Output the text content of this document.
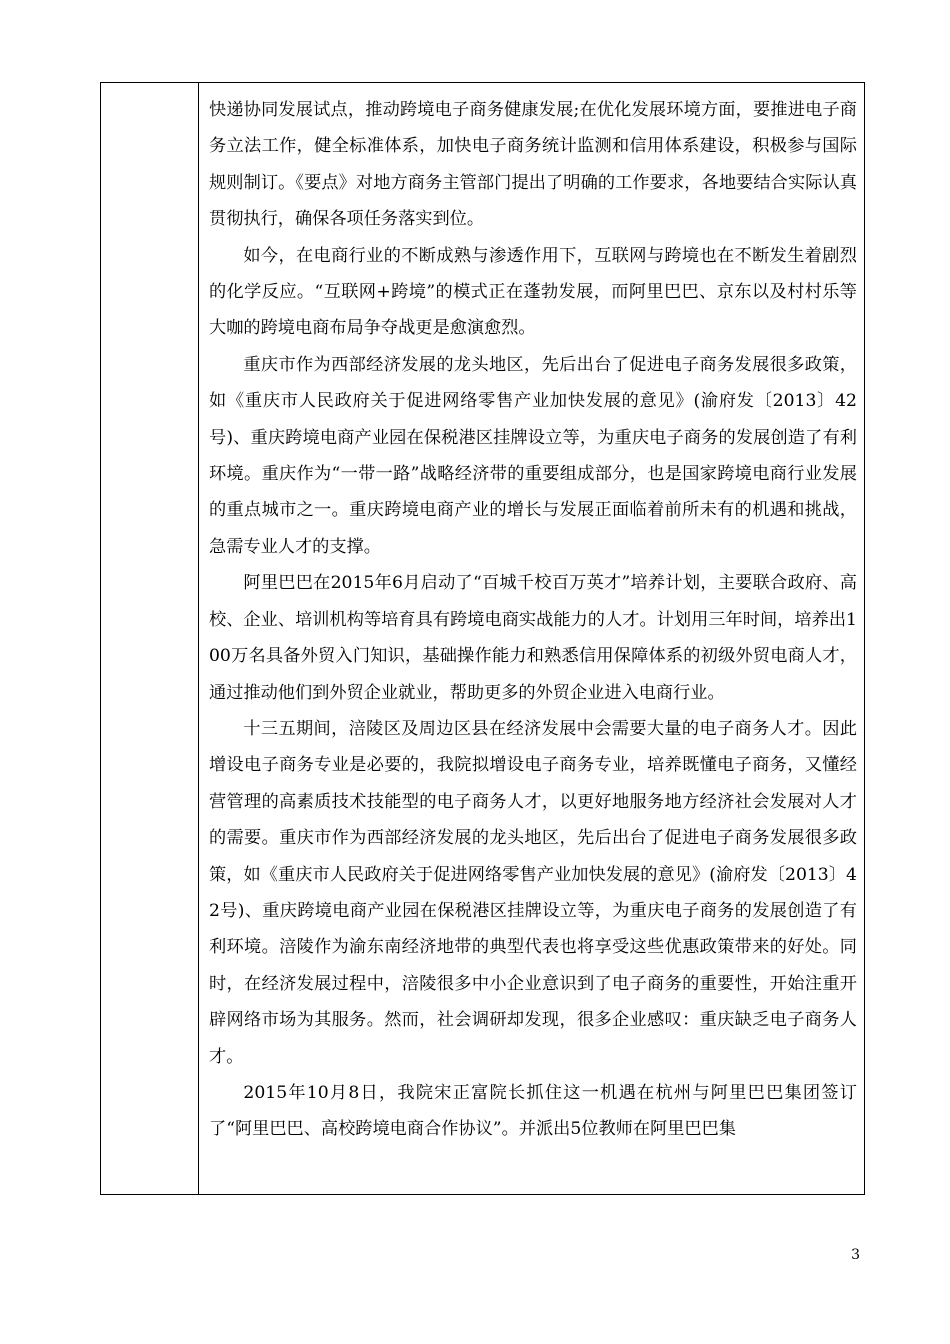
快递协同发展试点，推动跨境电子商务健康发展;在优化发展环境方面，要推进电子商务立法工作，健全标准体系，加快电子商务统计监测和信用体系建设，积极参与国际规则制订。《要点》对地方商务主管部门提出了明确的工作要求，各地要结合实际认真贯彻执行，确保各项任务落实到位。

如今，在电商行业的不断成熟与渗透作用下，互联网与跨境也在不断发生着剧烈的化学反应。“互联网+跨境”的模式正在蓬勃发展，而阿里巴巴、京东以及村村乐等大咖的跨境电商布局争夺战更是愈演愈烈。

重庆市作为西部经济发展的龙头地区，先后出台了促进电子商务发展很多政策，如《重庆市人民政府关于促进网络零售产业加快发展的意见》(渝府发〔2013〕42号)、重庆跨境电商产业园在保税港区挂牌设立等，为重庆电子商务的发展创造了有利环境。重庆作为“一带一路”战略经济带的重要组成部分，也是国家跨境电商行业发展的重点城市之一。重庆跨境电商产业的增长与发展正面临着前所未有的机遇和挑战，急需专业人才的支撑。

阿里巴巴在2015年6月启动了“百城千校百万英才”培养计划，主要联合政府、高校、企业、培训机构等培育具有跨境电商实战能力的人才。计划用三年时间，培养出100万名具备外贸入门知识，基础操作能力和熟悉信用保障体系的初级外贸电商人才，通过推动他们到外贸企业就业，帮助更多的外贸企业进入电商行业。

十三五期间，涪陵区及周边区县在经济发展中会需要大量的电子商务人才。因此增设电子商务专业是必要的，我院拟增设电子商务专业，培养既懂电子商务，又懂经营管理的高素质技术技能型的电子商务人才，以更好地服务地方经济社会发展对人才的需要。重庆市作为西部经济发展的龙头地区，先后出台了促进电子商务发展很多政策，如《重庆市人民政府关于促进网络零售产业加快发展的意见》(渝府发〔2013〕42号)、重庆跨境电商产业园在保税港区挂牌设立等，为重庆电子商务的发展创造了有利环境。涪陵作为渝东南经济地带的典型代表也将享受这些优惠政策带来的好处。同时，在经济发展过程中，涪陵很多中小企业意识到了电子商务的重要性，开始注重开辟网络市场为其服务。然而，社会调研却发现，很多企业感叹：重庆缺乏电子商务人才。

2015年10月8日，我院宋正富院长抓住这一机遇在杭州与阿里巴巴集团签订了“阿里巴巴、高校跨境电商合作协议”。并派出5位教师在阿里巴巴集

3
